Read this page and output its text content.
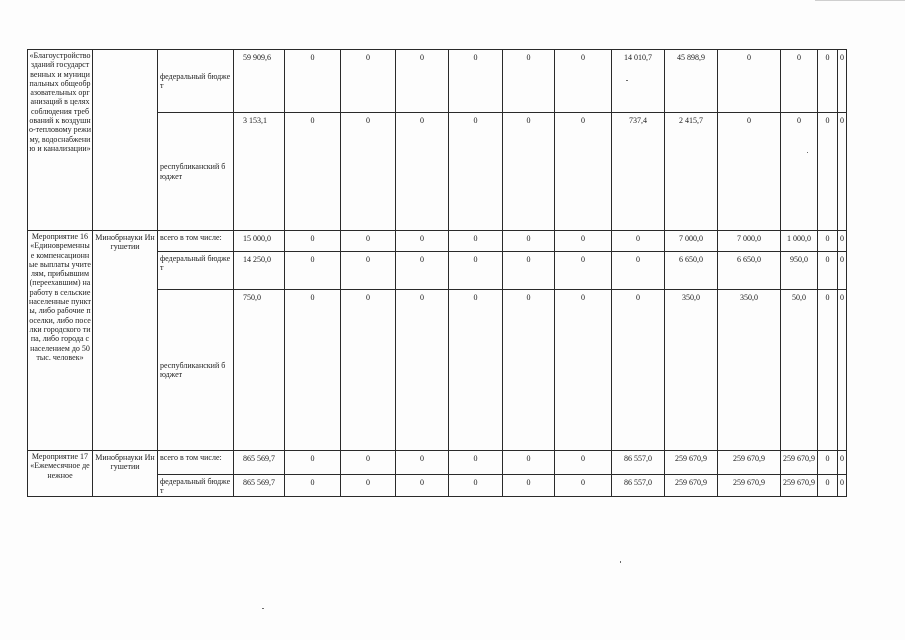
«Благоустройство зданий государственных и муниципальных общеобразовательных организаций в целях соблюдения требований к воздушно-тепловому режиму, водоснабжению и канализации»		федеральный бюджет	59 909,6	0	0	0	0	0	0	14 010,7	45 898,9	0	0	0	0
		республиканский бюджет	3 153,1	0	0	0	0	0	0	737,4	2 415,7	0	0	0	0
Мероприятие 16 «Единовременные компенсационные выплаты учителям, прибывшим (переехавшим) на работу в сельские населенные пункты, либо рабочие поселки, либо поселки городского типа, либо города с населением до 50 тыс. человек»	Минобрнауки Ингушетии	всего в том числе:	15 000,0	0	0	0	0	0	0	0	7 000,0	7 000,0	1 000,0	0	0
		федеральный бюджет	14 250,0	0	0	0	0	0	0	0	6 650,0	6 650,0	950,0	0	0
		республиканский бюджет	750,0	0	0	0	0	0	0	0	350,0	350,0	50,0	0	0
Мероприятие 17 «Ежемесячное денежное	Минобрнауки Ингушетии	всего в том числе:	865 569,7	0	0	0	0	0	0	86 557,0	259 670,9	259 670,9	259 670,9	0	0
		федеральный бюджет	865 569,7	0	0	0	0	0	0	86 557,0	259 670,9	259 670,9	259 670,9	0	0
